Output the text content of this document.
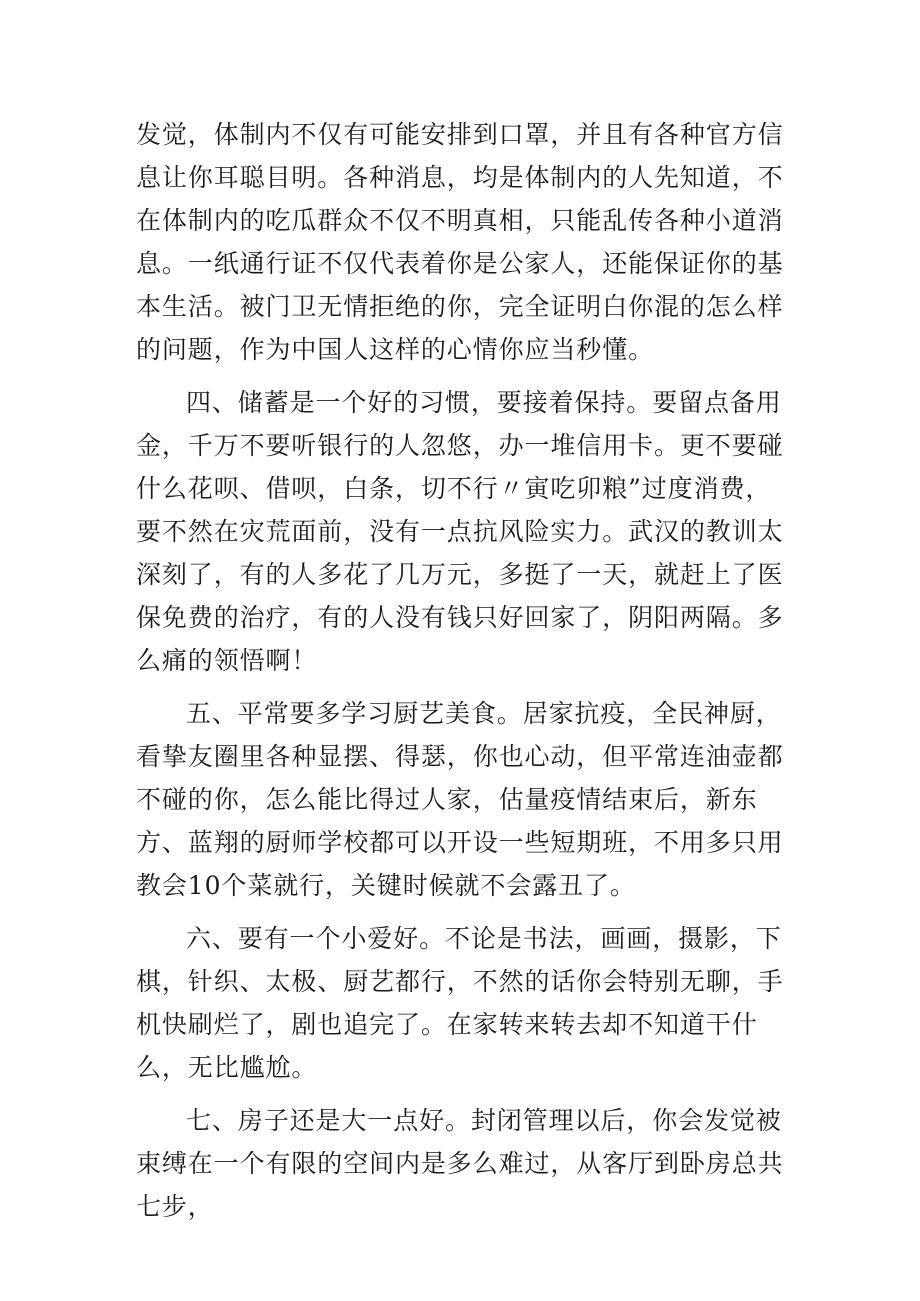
发觉，体制内不仅有可能安排到口罩，并且有各种官方信息让你耳聪目明。各种消息，均是体制内的人先知道，不在体制内的吃瓜群众不仅不明真相，只能乱传各种小道消息。一纸通行证不仅代表着你是公家人，还能保证你的基本生活。被门卫无情拒绝的你，完全证明白你混的怎么样的问题，作为中国人这样的心情你应当秒懂。

四、储蓄是一个好的习惯，要接着保持。要留点备用金，千万不要听银行的人忽悠，办一堆信用卡。更不要碰什么花呗、借呗，白条，切不行〃寅吃卯粮”过度消费，要不然在灾荒面前，没有一点抗风险实力。武汉的教训太深刻了，有的人多花了几万元，多挺了一天，就赶上了医保免费的治疗，有的人没有钱只好回家了，阴阳两隔。多么痛的领悟啊！

五、平常要多学习厨艺美食。居家抗疫，全民神厨，看挚友圈里各种显摆、得瑟，你也心动，但平常连油壶都不碰的你，怎么能比得过人家，估量疫情结束后，新东方、蓝翔的厨师学校都可以开设一些短期班，不用多只用教会10个菜就行，关键时候就不会露丑了。

六、要有一个小爱好。不论是书法，画画，摄影，下棋，针织、太极、厨艺都行，不然的话你会特别无聊，手机快刷烂了，剧也追完了。在家转来转去却不知道干什么，无比尴尬。

七、房子还是大一点好。封闭管理以后，你会发觉被束缚在一个有限的空间内是多么难过，从客厅到卧房总共七步，
